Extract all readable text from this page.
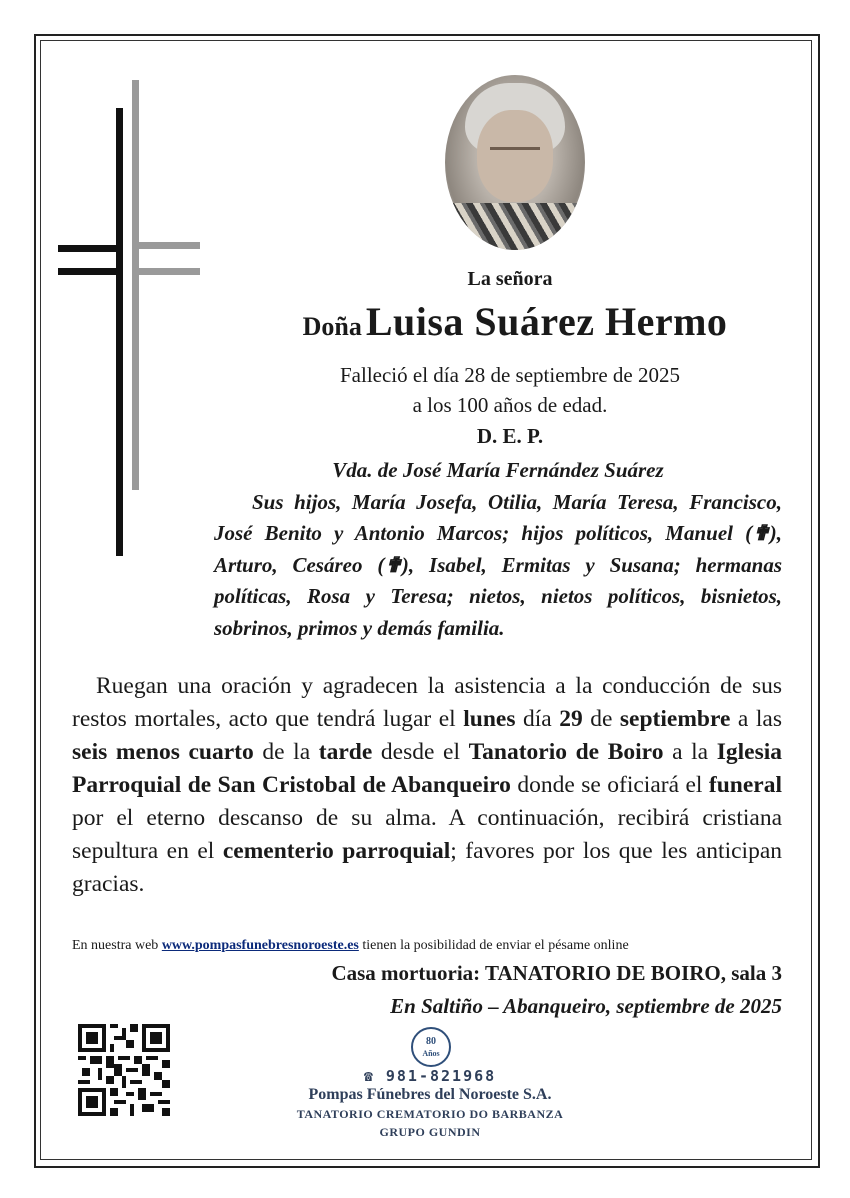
La señora
Doña Luisa Suárez Hermo
Falleció el día 28 de septiembre de 2025
a los 100 años de edad.
D. E. P.
Vda. de José María Fernández Suárez
Sus hijos, María Josefa, Otilia, María Teresa, Francisco, José Benito y Antonio Marcos; hijos políticos, Manuel (✟), Arturo, Cesáreo (✟), Isabel, Ermitas y Susana; hermanas políticas, Rosa y Teresa; nietos, nietos políticos, bisnietos, sobrinos, primos y demás familia.
Ruegan una oración y agradecen la asistencia a la conducción de sus restos mortales, acto que tendrá lugar el lunes día 29 de septiembre a las seis menos cuarto de la tarde desde el Tanatorio de Boiro a la Iglesia Parroquial de San Cristobal de Abanqueiro donde se oficiará el funeral por el eterno descanso de su alma. A continuación, recibirá cristiana sepultura en el cementerio parroquial; favores por los que les anticipan gracias.
En nuestra web www.pompasfunebresnoroeste.es tienen la posibilidad de enviar el pésame online
Casa mortuoria: TANATORIO DE BOIRO, sala 3
En Saltiño – Abanqueiro, septiembre de 2025
80
Años
☎ 981-821968
Pompas Fúnebres del Noroeste S.A.
TANATORIO CREMATORIO DO BARBANZA
GRUPO GUNDIN
